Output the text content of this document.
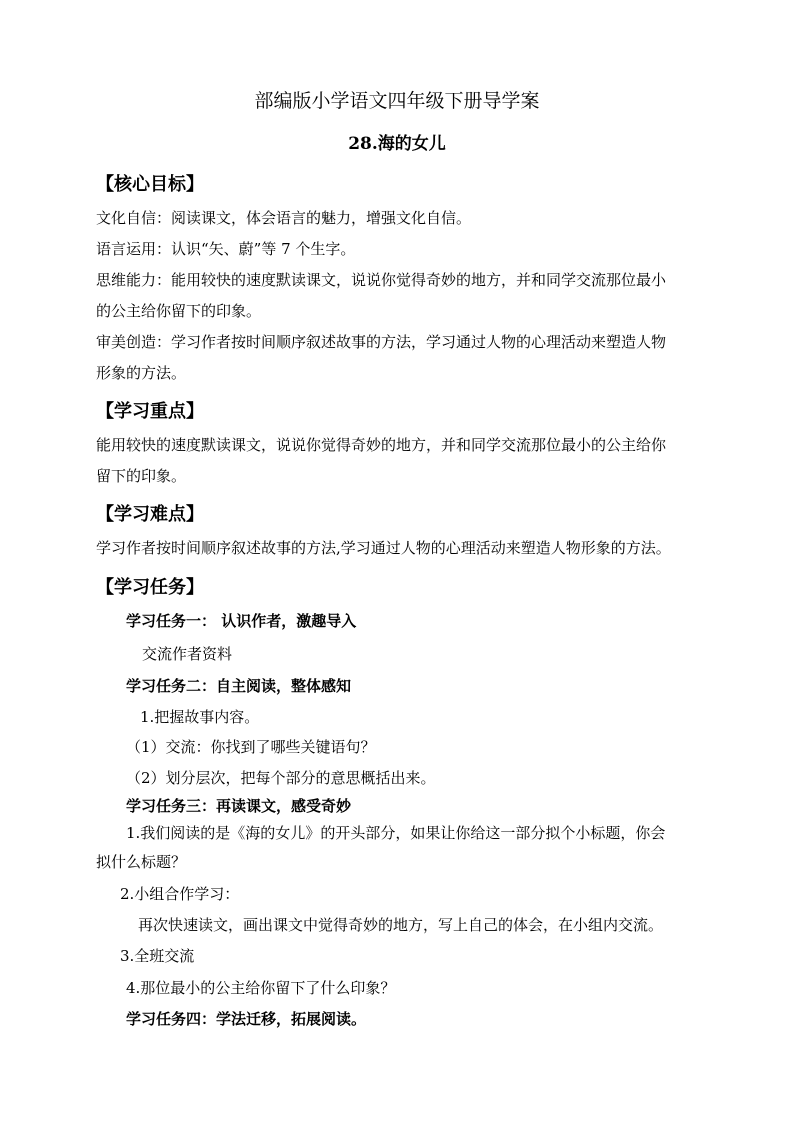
部编版小学语文四年级下册导学案
28.海的女儿
【核心目标】
文化自信：阅读课文，体会语言的魅力，增强文化自信。
语言运用：认识“矢、蔚”等 7 个生字。
思维能力：能用较快的速度默读课文，说说你觉得奇妙的地方，并和同学交流那位最小
的公主给你留下的印象。
审美创造：学习作者按时间顺序叙述故事的方法，学习通过人物的心理活动来塑造人物
形象的方法。
【学习重点】
能用较快的速度默读课文，说说你觉得奇妙的地方，并和同学交流那位最小的公主给你
留下的印象。
【学习难点】
学习作者按时间顺序叙述故事的方法,学习通过人物的心理活动来塑造人物形象的方法。
【学习任务】
学习任务一： 认识作者，激趣导入
交流作者资料
学习任务二：自主阅读，整体感知
1.把握故事内容。
（1）交流：你找到了哪些关键语句？
（2）划分层次，把每个部分的意思概括出来。
学习任务三：再读课文，感受奇妙
1.我们阅读的是《海的女儿》的开头部分，如果让你给这一部分拟个小标题，你会
拟什么标题？
2.小组合作学习：
再次快速读文，画出课文中觉得奇妙的地方，写上自己的体会，在小组内交流。
3.全班交流
4.那位最小的公主给你留下了什么印象？
学习任务四：学法迁移，拓展阅读。
